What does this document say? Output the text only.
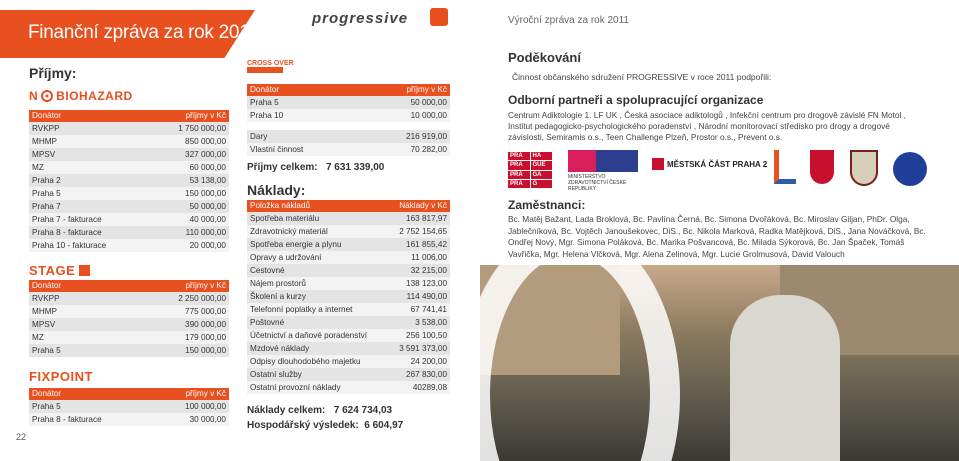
Finanční zpráva za rok 2011
progressive	Výroční zpráva za rok 2011
22
Příjmy:
N BIOHAZARD
Donátor	příjmy v Kč
RVKPP	1 750 000,00
MHMP	850 000,00
MPSV	327 000,00
MZ	60 000,00
Praha 2	53 138,00
Praha 5	150 000,00
Praha 7	50 000,00
Praha 7 - fakturace	40 000,00
Praha 8 - fakturace	110 000,00
Praha 10 - fakturace	20 000,00
STAGE
Donátor	příjmy v Kč
RVKPP	2 250 000,00
MHMP	775 000,00
MPSV	390 000,00
MZ	179 000,00
Praha 5	150 000,00
FIXPOINT
Donátor	příjmy v Kč
Praha 5	100 000,00
Praha 8 - fakturace	30 000,00
CROSS OVER
Donátor	příjmy v Kč
Praha 5	50 000,00
Praha 10	10 000,00
Dary	216 919,00
Vlastní činnost	70 282,00
Příjmy celkem: 7 631 339,00
Náklady:
Položka nákladů	Náklady v Kč
Spotřeba materiálu	163 817,97
Zdravotnický materiál	2 752 154,65
Spotřeba energie a plynu	161 855,42
Opravy a udržování	11 006,00
Cestovné	32 215,00
Nájem prostorů	138 123,00
Školení a kurzy	114 490,00
Telefonní poplatky a internet	67 741,41
Poštovné	3 538,00
Účetnictví a daňové poradenství	256 100,50
Mzdové náklady	3 591 373,00
Odpisy dlouhodobého majetku	24 200,00
Ostatní služby	267 830,00
Ostatní provozní náklady	40289,08
Náklady celkem: 7 624 734,03
Hospodářský výsledek: 6 604,97
Poděkování
Činnost občanského sdružení PROGRESSIVE v roce 2011 podpořili:
Odborní partneři a spolupracující organizace
Centrum Adiktologie 1. LF UK , Česká asociace adiktologů , Infekční centrum pro drogově závislé FN Motol , Institut pedagogicko-psychologického poradenství , Národní monitorovací středisko pro drogy a drogové závislosti, Semiramis o.s., Teen Challenge Plzeň, Prostor o.s., Prevent o.s.
PRA	HA
PRA	GUE
PRA	GA
PRA	G
MINISTERSTVO ZDRAVOTNICTVÍ ČESKÉ REPUBLIKY
MĚSTSKÁ ČÁST PRAHA 2
Zaměstnanci:
Bc. Matěj Bažant, Lada Broklová, Bc. Pavlína Černá, Bc. Simona Dvořáková, Bc. Miroslav Giljan, PhDr. Olga, Jablečníková, Bc. Vojtěch Janoušekovec, DiS., Bc. Nikola Marková, Radka Matějková, DiS., Jana Nováčková, Bc. Ondřej Nový, Mgr. Simona Poláková, Bc. Marika Pošvancová, Bc. Milada Sýkorová, Bc. Jan Špaček, Tomáš Vavřička, Mgr. Helena Vlčková, Mgr. Alena Zelinová, Mgr. Lucie Grolmusová, David Valouch
